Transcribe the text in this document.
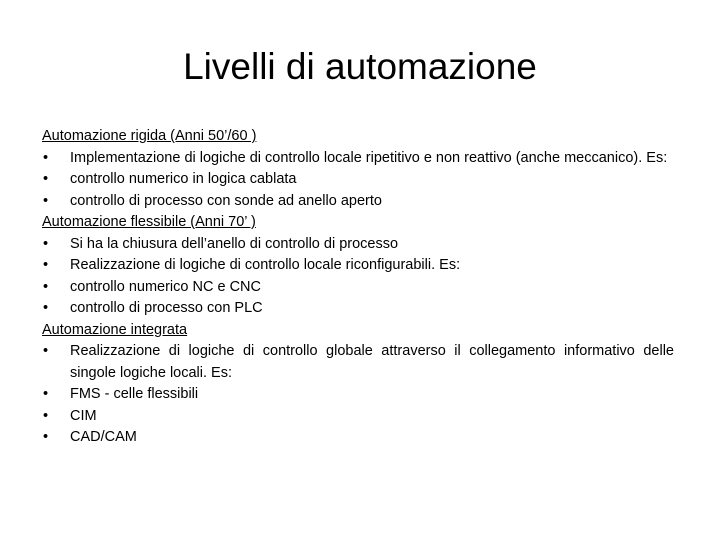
Livelli di automazione

Automazione rigida (Anni 50’/60 )

• Implementazione di logiche di controllo locale ripetitivo e non reattivo (anche meccanico). Es:
• controllo numerico in logica cablata
• controllo di processo con sonde ad anello aperto

Automazione flessibile (Anni 70’ )

• Si ha la chiusura dell’anello di controllo di processo
• Realizzazione di logiche di controllo locale riconfigurabili. Es:
• controllo numerico NC e CNC
• controllo di processo con PLC

Automazione integrata

• Realizzazione di logiche di controllo globale attraverso il collegamento informativo delle singole logiche locali. Es:
• FMS - celle flessibili
• CIM
• CAD/CAM
